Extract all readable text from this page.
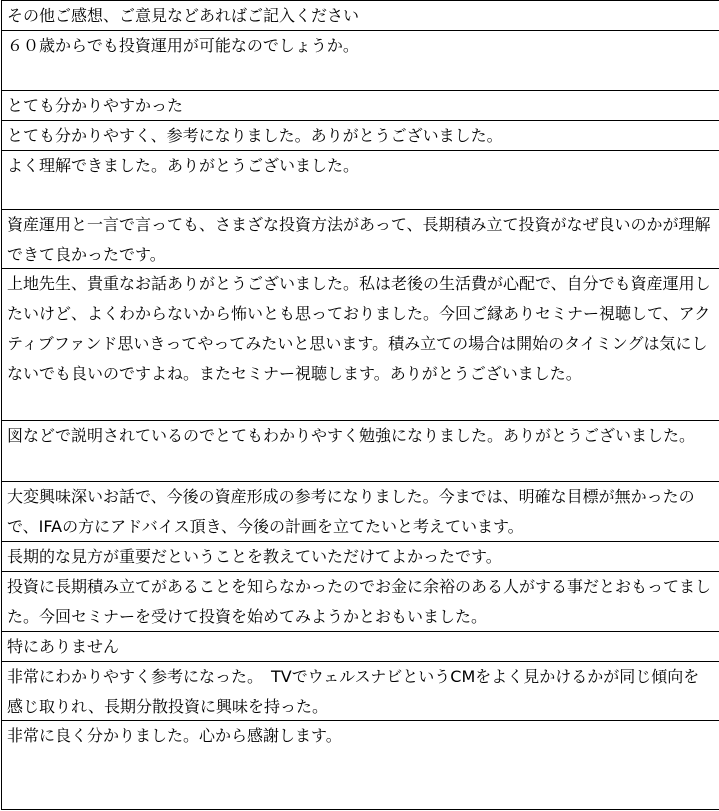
その他ご感想、ご意見などあればご記入ください
６０歳からでも投資運用が可能なのでしょうか。
とても分かりやすかった
とても分かりやすく、参考になりました。ありがとうございました。
よく理解できました。ありがとうございました。
資産運用と一言で言っても、さまざな投資方法があって、長期積み立て投資がなぜ良いのかが理解できて良かったです。
上地先生、貴重なお話ありがとうございました。私は老後の生活費が心配で、自分でも資産運用したいけど、よくわからないから怖いとも思っておりました。今回ご縁ありセミナー視聴して、アクティブファンド思いきってやってみたいと思います。積み立ての場合は開始のタイミングは気にしないでも良いのですよね。またセミナー視聴します。ありがとうございました。
図などで説明されているのでとてもわかりやすく勉強になりました。ありがとうございました。
大変興味深いお話で、今後の資産形成の参考になりました。今までは、明確な目標が無かったので、IFAの方にアドバイス頂き、今後の計画を立てたいと考えています。
長期的な見方が重要だということを教えていただけてよかったです。
投資に長期積み立てがあることを知らなかったのでお金に余裕のある人がする事だとおもってました。今回セミナーを受けて投資を始めてみようかとおもいました。
特にありません
非常にわかりやすく参考になった。　TVでウェルスナビというCMをよく見かけるかが同じ傾向を感じ取りれ、長期分散投資に興味を持った。
非常に良く分かりました。心から感謝します。
